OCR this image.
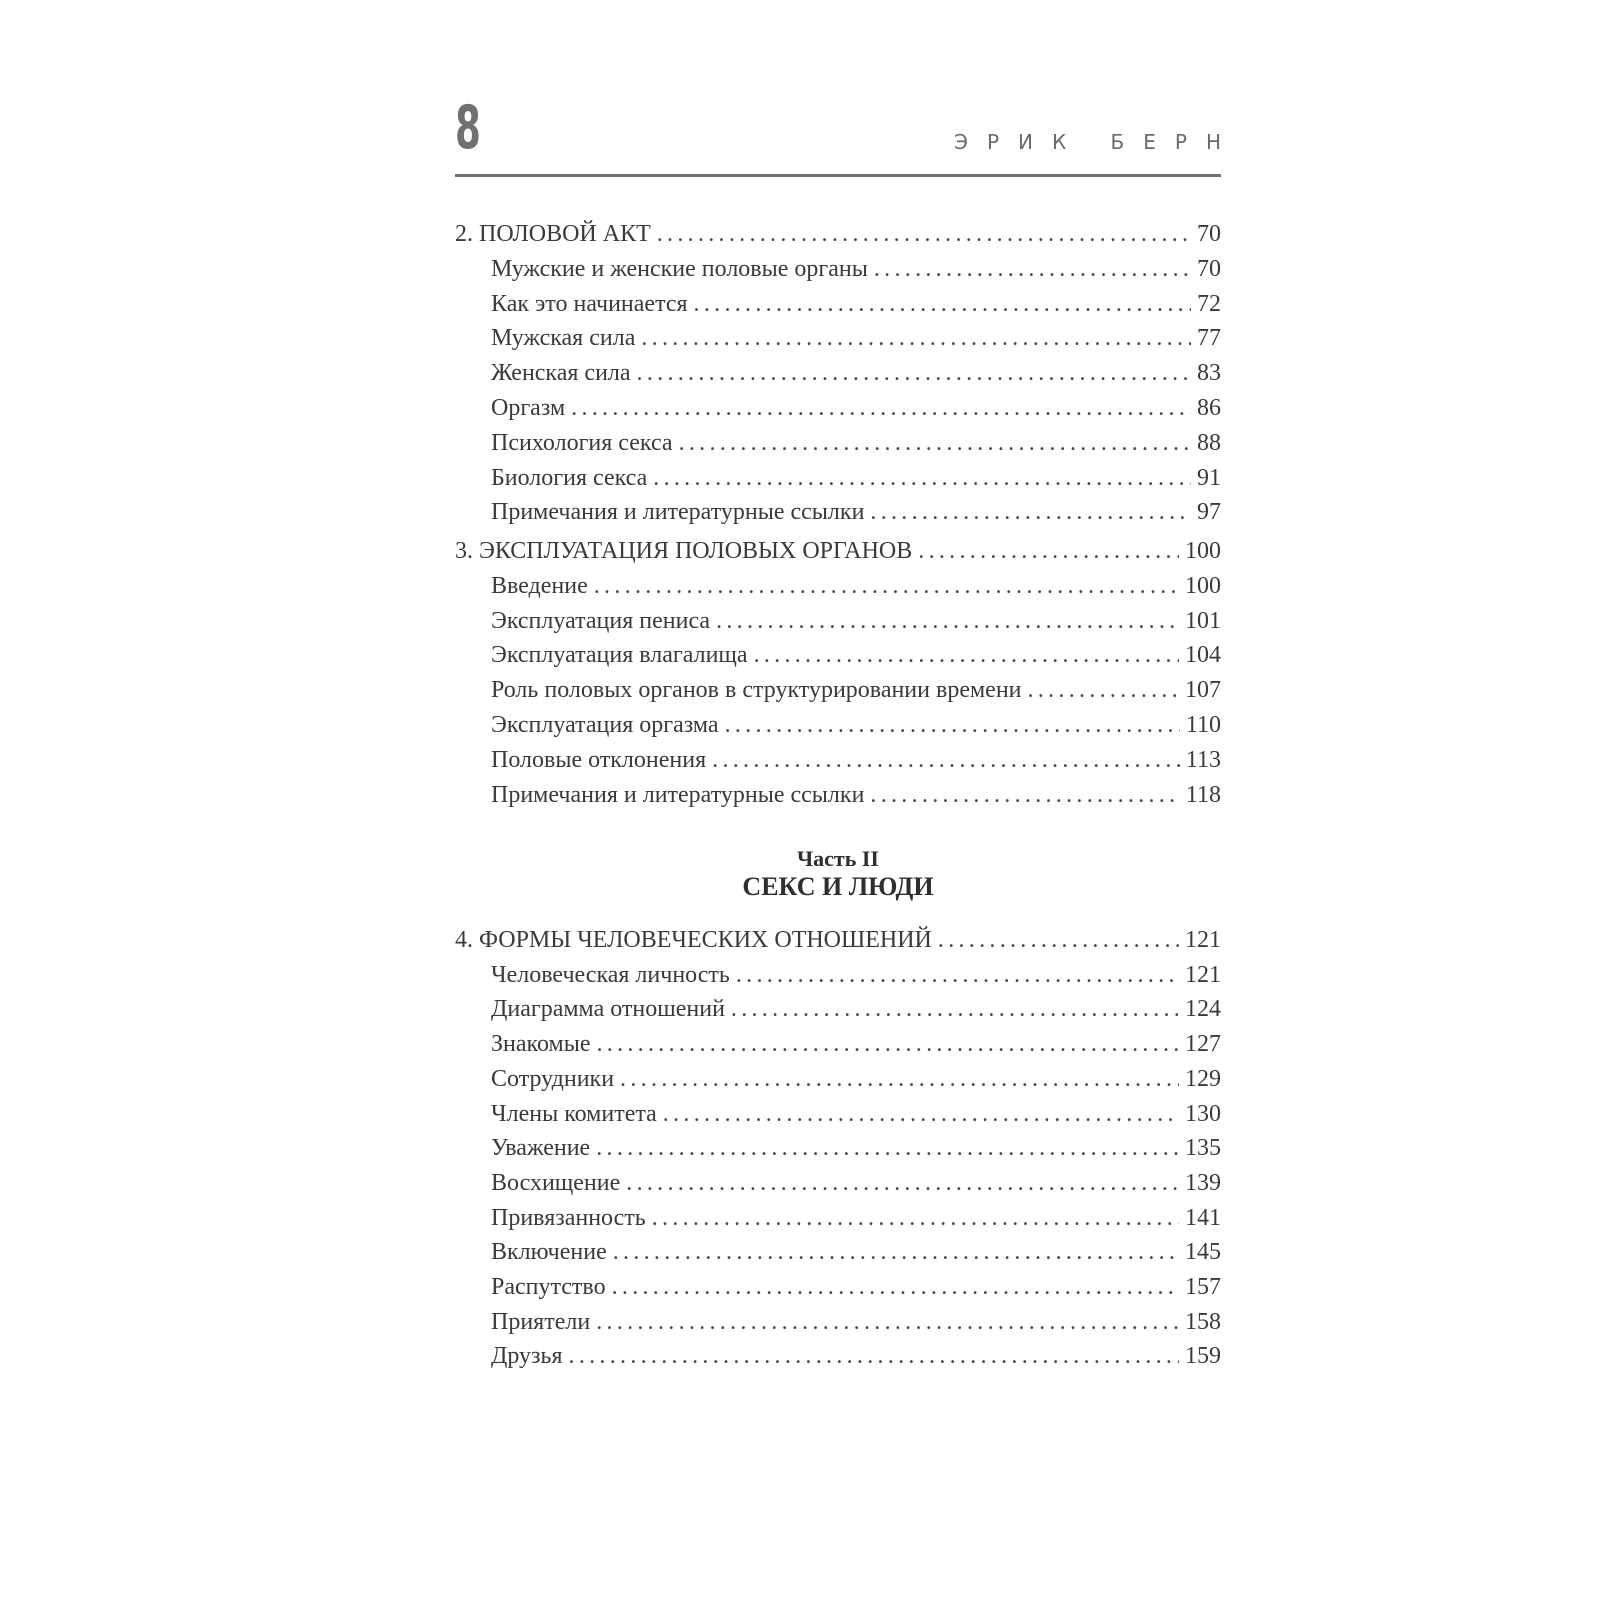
8	ЭРИК БЕРН
2. ПОЛОВОЙ АКТ .....	70
Мужские и женские половые органы .....	70
Как это начинается .....	72
Мужская сила .....	77
Женская сила .....	83
Оргазм .....	86
Психология секса .....	88
Биология секса .....	91
Примечания и литературные ссылки .....	97
3. ЭКСПЛУАТАЦИЯ ПОЛОВЫХ ОРГАНОВ .....	100
Введение .....	100
Эксплуатация пениса .....	101
Эксплуатация влагалища .....	104
Роль половых органов в структурировании времени .....	107
Эксплуатация оргазма .....	110
Половые отклонения .....	113
Примечания и литературные ссылки .....	118
4. ФОРМЫ ЧЕЛОВЕЧЕСКИХ ОТНОШЕНИЙ .....	121
Человеческая личность .....	121
Диаграмма отношений .....	124
Знакомые .....	127
Сотрудники .....	129
Члены комитета .....	130
Уважение .....	135
Восхищение .....	139
Привязанность .....	141
Включение .....	145
Распутство .....	157
Приятели .....	158
Друзья .....	159
Часть II
СЕКС И ЛЮДИ
